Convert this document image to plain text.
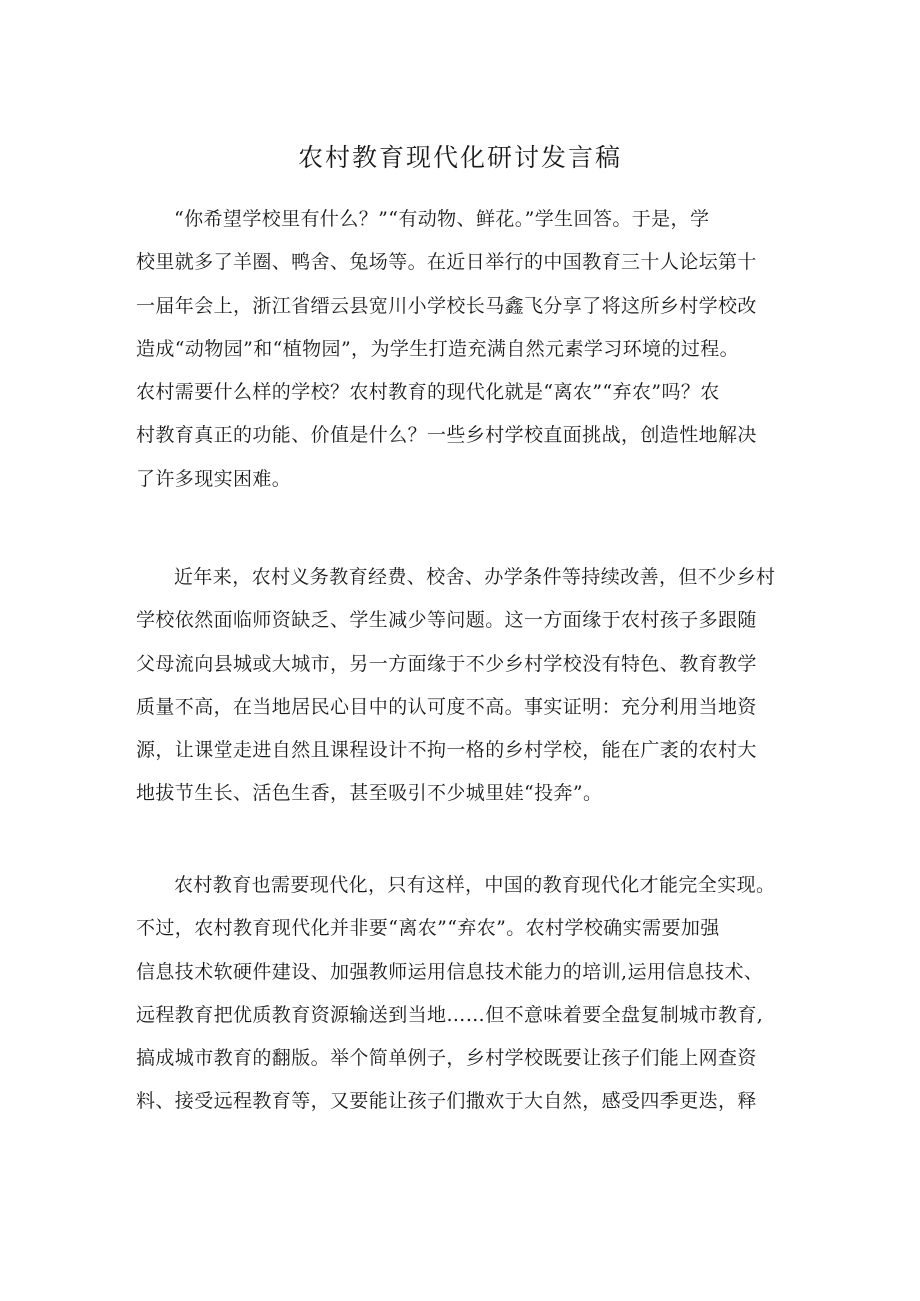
农村教育现代化研讨发言稿
“你希望学校里有什么？”“有动物、鲜花。”学生回答。于是，学
校里就多了羊圈、鸭舍、兔场等。在近日举行的中国教育三十人论坛第十
一届年会上，浙江省缙云县宽川小学校长马鑫飞分享了将这所乡村学校改
造成“动物园”和“植物园”，为学生打造充满自然元素学习环境的过程。
农村需要什么样的学校？农村教育的现代化就是“离农”“弃农”吗？农
村教育真正的功能、价值是什么？一些乡村学校直面挑战，创造性地解决
了许多现实困难。
近年来，农村义务教育经费、校舍、办学条件等持续改善，但不少乡村
学校依然面临师资缺乏、学生减少等问题。这一方面缘于农村孩子多跟随
父母流向县城或大城市，另一方面缘于不少乡村学校没有特色、教育教学
质量不高，在当地居民心目中的认可度不高。事实证明：充分利用当地资
源，让课堂走进自然且课程设计不拘一格的乡村学校，能在广袤的农村大
地拔节生长、活色生香，甚至吸引不少城里娃“投奔”。
农村教育也需要现代化，只有这样，中国的教育现代化才能完全实现。
不过，农村教育现代化并非要“离农”“弃农”。农村学校确实需要加强
信息技术软硬件建设、加强教师运用信息技术能力的培训,运用信息技术、
远程教育把优质教育资源输送到当地……但不意味着要全盘复制城市教育,
搞成城市教育的翻版。举个简单例子，乡村学校既要让孩子们能上网查资
料、接受远程教育等，又要能让孩子们撒欢于大自然，感受四季更迭，释
